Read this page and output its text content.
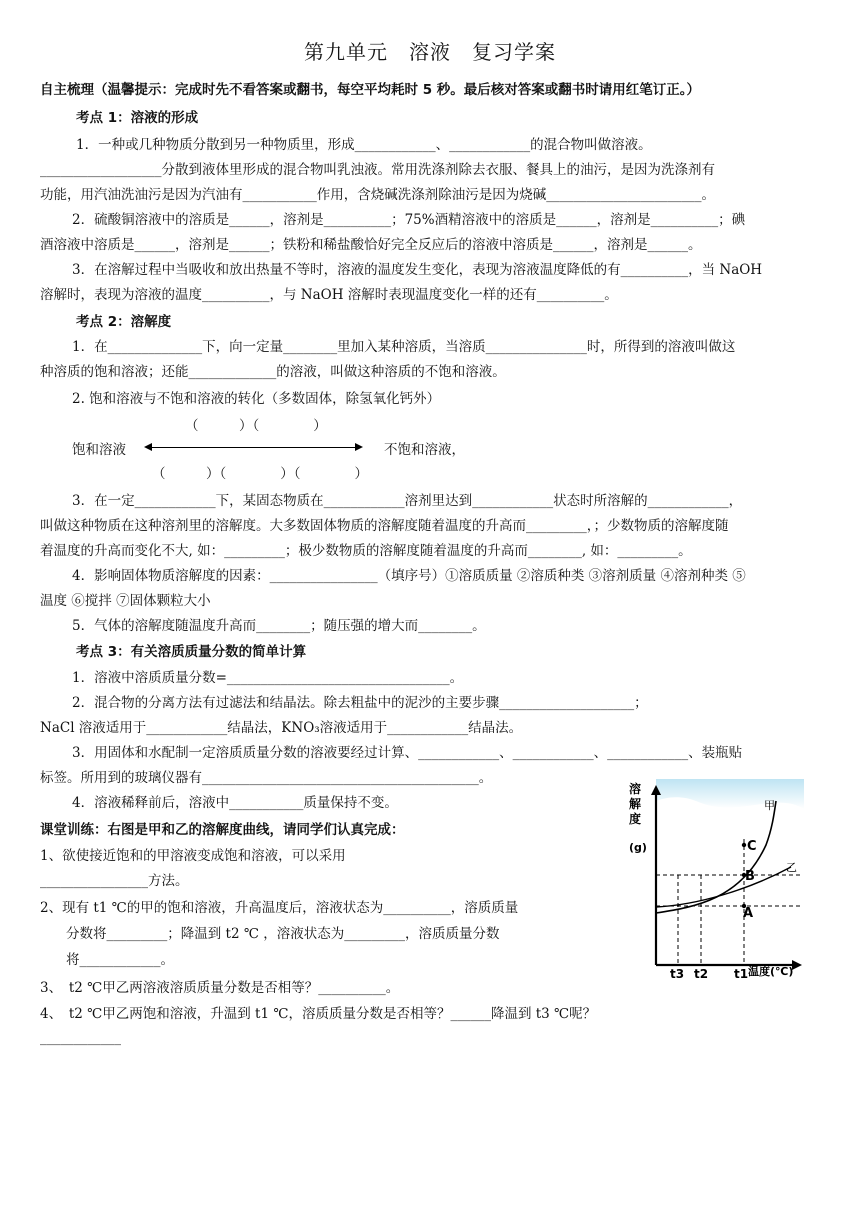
第九单元　溶液　复习学案
自主梳理（温馨提示：完成时先不看答案或翻书，每空平均耗时 5 秒。最后核对答案或翻书时请用红笔订正。）
考点 1：溶液的形成
1．一种或几种物质分散到另一种物质里，形成____________、____________的混合物叫做溶液。
__________________分散到液体里形成的混合物叫乳浊液。常用洗涤剂除去衣服、餐具上的油污，是因为洗涤剂有
功能，用汽油洗油污是因为汽油有___________作用，含烧碱洗涤剂除油污是因为烧碱_______________________。
2．硫酸铜溶液中的溶质是______，溶剂是__________；75%酒精溶液中的溶质是______，溶剂是__________；碘
酒溶液中溶质是______，溶剂是______；铁粉和稀盐酸恰好完全反应后的溶液中溶质是______，溶剂是______。
3．在溶解过程中当吸收和放出热量不等时，溶液的温度发生变化，表现为溶液温度降低的有__________，当 NaOH
溶解时，表现为溶液的温度__________，与 NaOH 溶解时表现温度变化一样的还有__________。
考点 2：溶解度
1．在______________下，向一定量________里加入某种溶质，当溶质_______________时，所得到的溶液叫做这
种溶质的饱和溶液；还能_____________的溶液，叫做这种溶质的不饱和溶液。
2. 饱和溶液与不饱和溶液的转化（多数固体，除氢氧化钙外）
（　　　）（　　　　）
饱和溶液	不饱和溶液，
（　　　）（　　　　）（　　　　）
3．在一定____________下，某固态物质在____________溶剂里达到____________状态时所溶解的____________，
叫做这种物质在这种溶剂里的溶解度。大多数固体物质的溶解度随着温度的升高而_________，；少数物质的溶解度随
着温度的升高而变化不大, 如：_________；极少数物质的溶解度随着温度的升高而________, 如：_________。
4．影响固体物质溶解度的因素：________________（填序号）①溶质质量 ②溶质种类 ③溶剂质量 ④溶剂种类 ⑤
温度 ⑥搅拌 ⑦固体颗粒大小
5．气体的溶解度随温度升高而________；随压强的增大而________。
考点 3：有关溶质质量分数的简单计算
1．溶液中溶质质量分数=_________________________________。
2．混合物的分离方法有过滤法和结晶法。除去粗盐中的泥沙的主要步骤____________________；
NaCl 溶液适用于____________结晶法，KNO₃溶液适用于____________结晶法。
3．用固体和水配制一定溶质质量分数的溶液要经过计算、____________、____________、____________、装瓶贴
标签。所用到的玻璃仪器有_________________________________________。
4．溶液稀释前后，溶液中___________质量保持不变。
课堂训练：右图是甲和乙的溶解度曲线，请同学们认真完成：
1、欲使接近饱和的甲溶液变成饱和溶液，可以采用
________________方法。
2、现有 t1 ℃的甲的饱和溶液，升高温度后，溶液状态为__________，溶质质量
分数将_________；降温到 t2 ℃ ，溶液状态为_________，溶质质量分数
将____________。
3、　t2 ℃甲乙两溶液溶质质量分数是否相等？__________。
4、　t2 ℃甲乙两饱和溶液，升温到 t1 ℃，溶质质量分数是否相等？______降温到 t3 ℃呢？
____________
溶解度
(g)
甲
乙
C
B
A
t3 t2 t1 温度(℃)
